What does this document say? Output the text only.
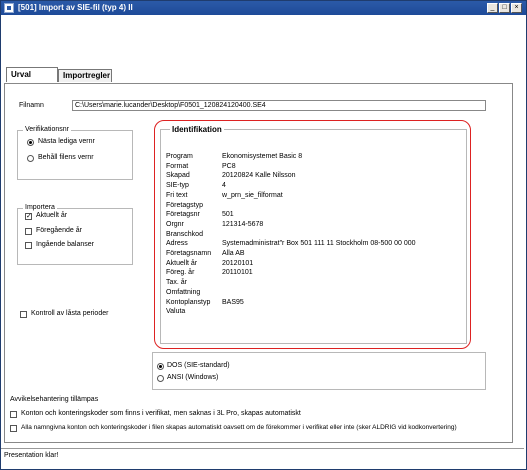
[501] Import av SIE-fil (typ 4) II	_	□	×
Urval	Importregler
Filnamn	C:\Users\marie.lucander\Desktop\F0501_120824120400.SE4
Verifikationsnr
Nästa lediga vernr
Behåll filens vernr
Importera
✓ Aktuellt år
Föregående år
Ingående balanser
Kontroll av låsta perioder
Identifikation
Program	Ekonomisystemet Basic 8
Format	PC8
Skapad	20120824 Kalle Nilsson
SIE-typ	4
Fri text	w_prn_sie_filformat
Företagstyp
Företagsnr	501
Orgnr	121314-5678
Branschkod
Adress	Systemadministrat"r Box 501 111 11 Stockholm 08-500 00 000
Företagsnamn	Alla AB
Aktuellt år	20120101
Föreg. år	20110101
Tax. år
Omfattning
Kontoplanstyp	BAS95
Valuta
DOS (SIE-standard)
ANSI (Windows)
Avvikelsehantering tillämpas
Konton och konteringskoder som finns i verifikat, men saknas i 3L Pro, skapas automatiskt
Alla namngivna konton och konteringskoder i filen skapas automatiskt oavsett om de förekommer i verifikat eller inte (sker ALDRIG vid kodkonvertering)
Presentation klar!
